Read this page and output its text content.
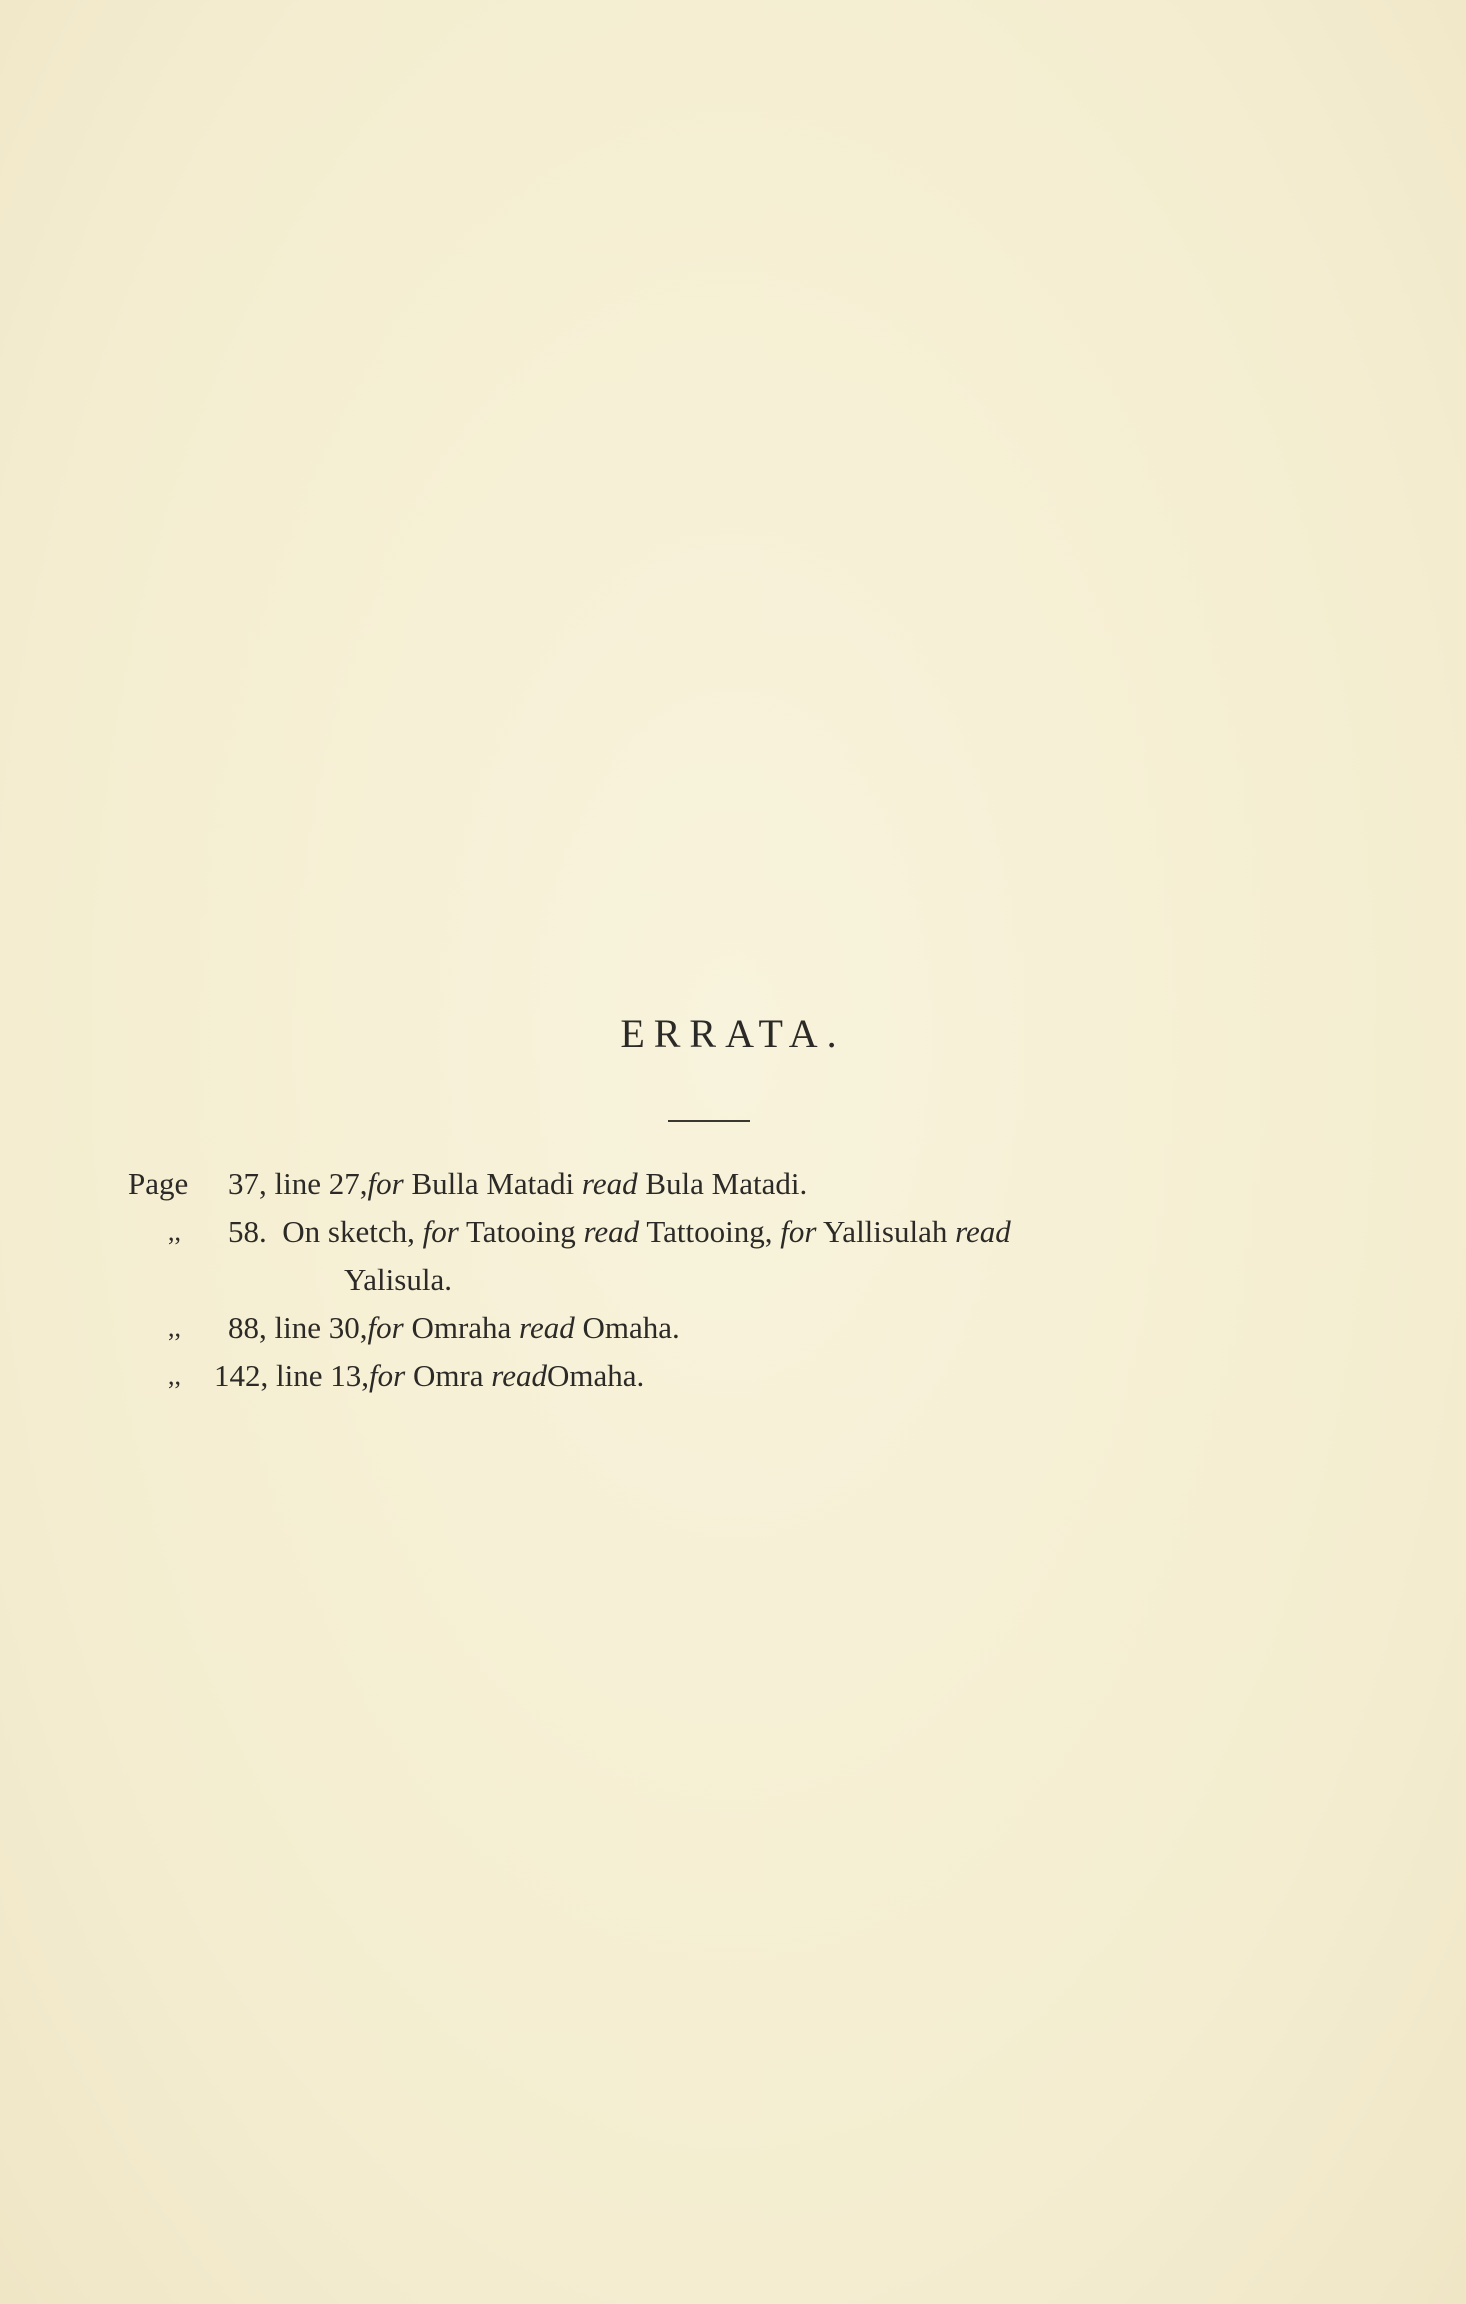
ERRATA.
Page	37, line 27,for Bulla Matadi read Bula Matadi.
,, 58.  On sketch, for Tatooing read Tattooing, for Yallisulah read
Yalisula.
,, 88, line 30,for Omraha read Omaha.
,, 142, line 13,for Omra readOmaha.
